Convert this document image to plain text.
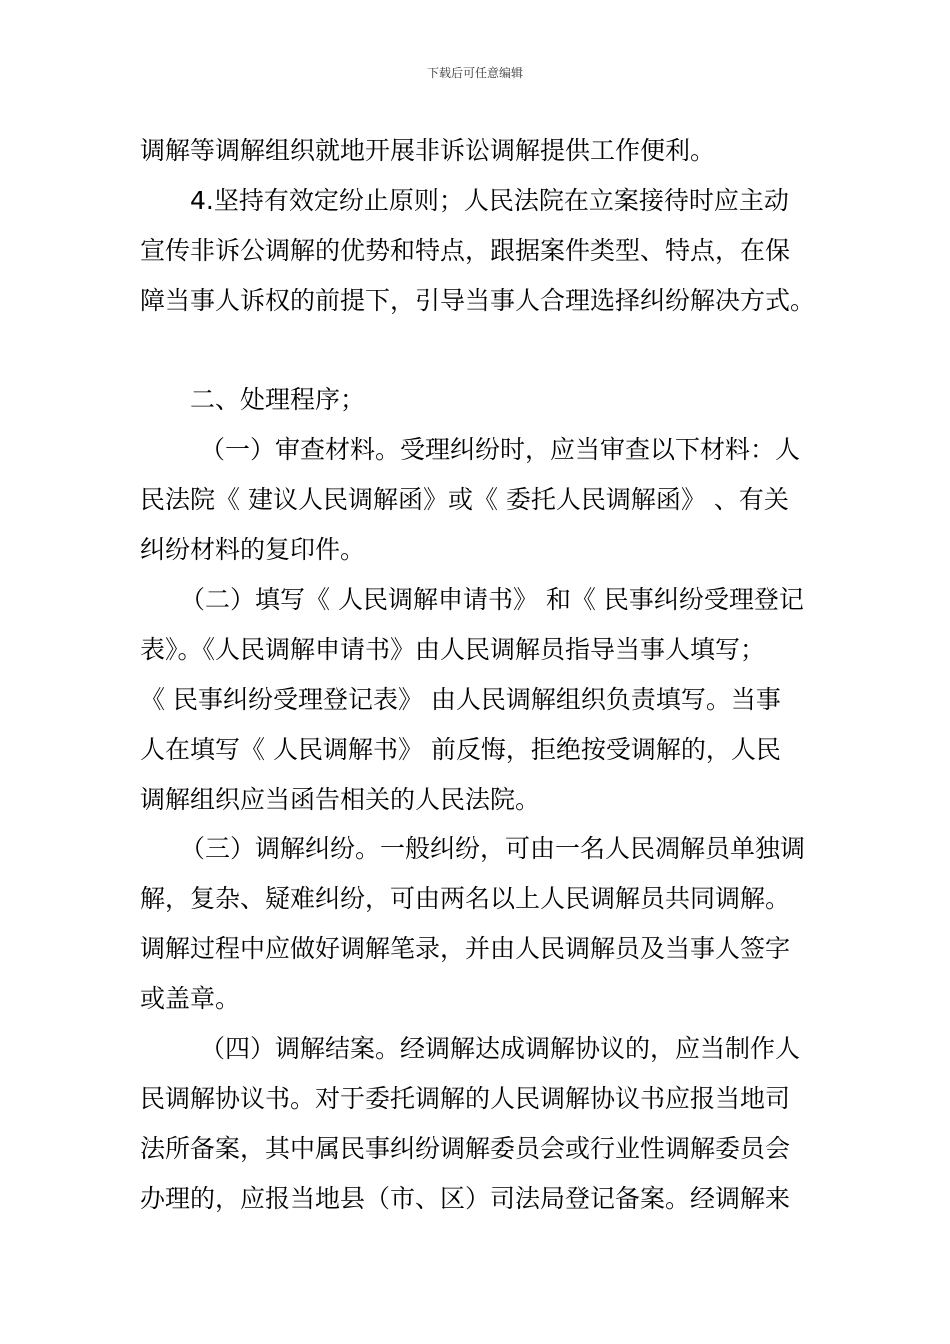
下载后可任意编辑
调解等调解组织就地开展非诉讼调解提供工作便利。
4.坚持有效定纷止原则；人民法院在立案接待时应主动
宣传非诉公调解的优势和特点，跟据案件类型、特点，在保
障当事人诉权的前提下，引导当事人合理选择纠纷解决方式。
二、处理程序；
（一）审查材料。受理纠纷时，应当审查以下材料：人
民法院《 建议人民调解函》或《 委托人民调解函》 、有关
纠纷材料的复印件。
（二）填写《 人民调解申请书》 和《 民事纠纷受理登记
表》。《人民调解申请书》由人民调解员指导当事人填写；
《 民事纠纷受理登记表》 由人民调解组织负责填写。当事
人在填写《 人民调解书》 前反悔，拒绝按受调解的，人民
调解组织应当函告相关的人民法院。
（三）调解纠纷。一般纠纷，可由一名人民凋解员单独调
解，复杂、疑难纠纷，可由两名以上人民调解员共同调解。
调解过程中应做好调解笔录，并由人民调解员及当事人签字
或盖章。
（四）调解结案。经调解达成调解协议的，应当制作人
民调解协议书。对于委托调解的人民调解协议书应报当地司
法所备案，其中属民事纠纷调解委员会或行业性调解委员会
办理的，应报当地县（市、区）司法局登记备案。经调解来
